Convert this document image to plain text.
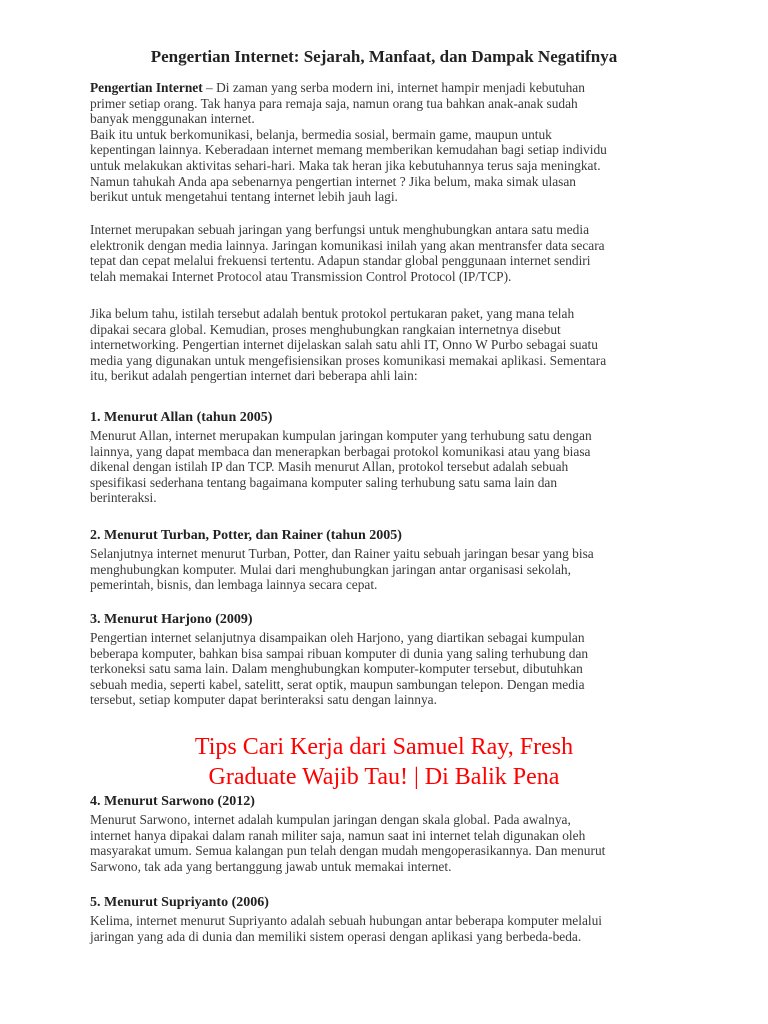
Pengertian Internet: Sejarah, Manfaat, dan Dampak Negatifnya

Pengertian Internet – Di zaman yang serba modern ini, internet hampir menjadi kebutuhan

primer setiap orang. Tak hanya para remaja saja, namun orang tua bahkan anak-anak sudah

banyak menggunakan internet.

Baik itu untuk berkomunikasi, belanja, bermedia sosial, bermain game, maupun untuk

kepentingan lainnya. Keberadaan internet memang memberikan kemudahan bagi setiap individu

untuk melakukan aktivitas sehari-hari. Maka tak heran jika kebutuhannya terus saja meningkat.

Namun tahukah Anda apa sebenarnya pengertian internet ? Jika belum, maka simak ulasan

berikut untuk mengetahui tentang internet lebih jauh lagi.

Internet merupakan sebuah jaringan yang berfungsi untuk menghubungkan antara satu media

elektronik dengan media lainnya. Jaringan komunikasi inilah yang akan mentransfer data secara

tepat dan cepat melalui frekuensi tertentu. Adapun standar global penggunaan internet sendiri

telah memakai Internet Protocol atau Transmission Control Protocol (IP/TCP).

Jika belum tahu, istilah tersebut adalah bentuk protokol pertukaran paket, yang mana telah

dipakai secara global. Kemudian, proses menghubungkan rangkaian internetnya disebut

internetworking. Pengertian internet dijelaskan salah satu ahli IT, Onno W Purbo sebagai suatu

media yang digunakan untuk mengefisiensikan proses komunikasi memakai aplikasi. Sementara

itu, berikut adalah pengertian internet dari beberapa ahli lain:

1. Menurut Allan (tahun 2005)

Menurut Allan, internet merupakan kumpulan jaringan komputer yang terhubung satu dengan

lainnya, yang dapat membaca dan menerapkan berbagai protokol komunikasi atau yang biasa

dikenal dengan istilah IP dan TCP. Masih menurut Allan, protokol tersebut adalah sebuah

spesifikasi sederhana tentang bagaimana komputer saling terhubung satu sama lain dan

berinteraksi.

2. Menurut Turban, Potter, dan Rainer (tahun 2005)

Selanjutnya internet menurut Turban, Potter, dan Rainer yaitu sebuah jaringan besar yang bisa

menghubungkan komputer. Mulai dari menghubungkan jaringan antar organisasi sekolah,

pemerintah, bisnis, dan lembaga lainnya secara cepat.

3. Menurut Harjono (2009)

Pengertian internet selanjutnya disampaikan oleh Harjono, yang diartikan sebagai kumpulan

beberapa komputer, bahkan bisa sampai ribuan komputer di dunia yang saling terhubung dan

terkoneksi satu sama lain. Dalam menghubungkan komputer-komputer tersebut, dibutuhkan

sebuah media, seperti kabel, satelitt, serat optik, maupun sambungan telepon. Dengan media

tersebut, setiap komputer dapat berinteraksi satu dengan lainnya.

Tips Cari Kerja dari Samuel Ray, Fresh
Graduate Wajib Tau! | Di Balik Pena
4. Menurut Sarwono (2012)

Menurut Sarwono, internet adalah kumpulan jaringan dengan skala global. Pada awalnya,

internet hanya dipakai dalam ranah militer saja, namun saat ini internet telah digunakan oleh

masyarakat umum. Semua kalangan pun telah dengan mudah mengoperasikannya. Dan menurut

Sarwono, tak ada yang bertanggung jawab untuk memakai internet.

5. Menurut Supriyanto (2006)

Kelima, internet menurut Supriyanto adalah sebuah hubungan antar beberapa komputer melalui

jaringan yang ada di dunia dan memiliki sistem operasi dengan aplikasi yang berbeda-beda.
